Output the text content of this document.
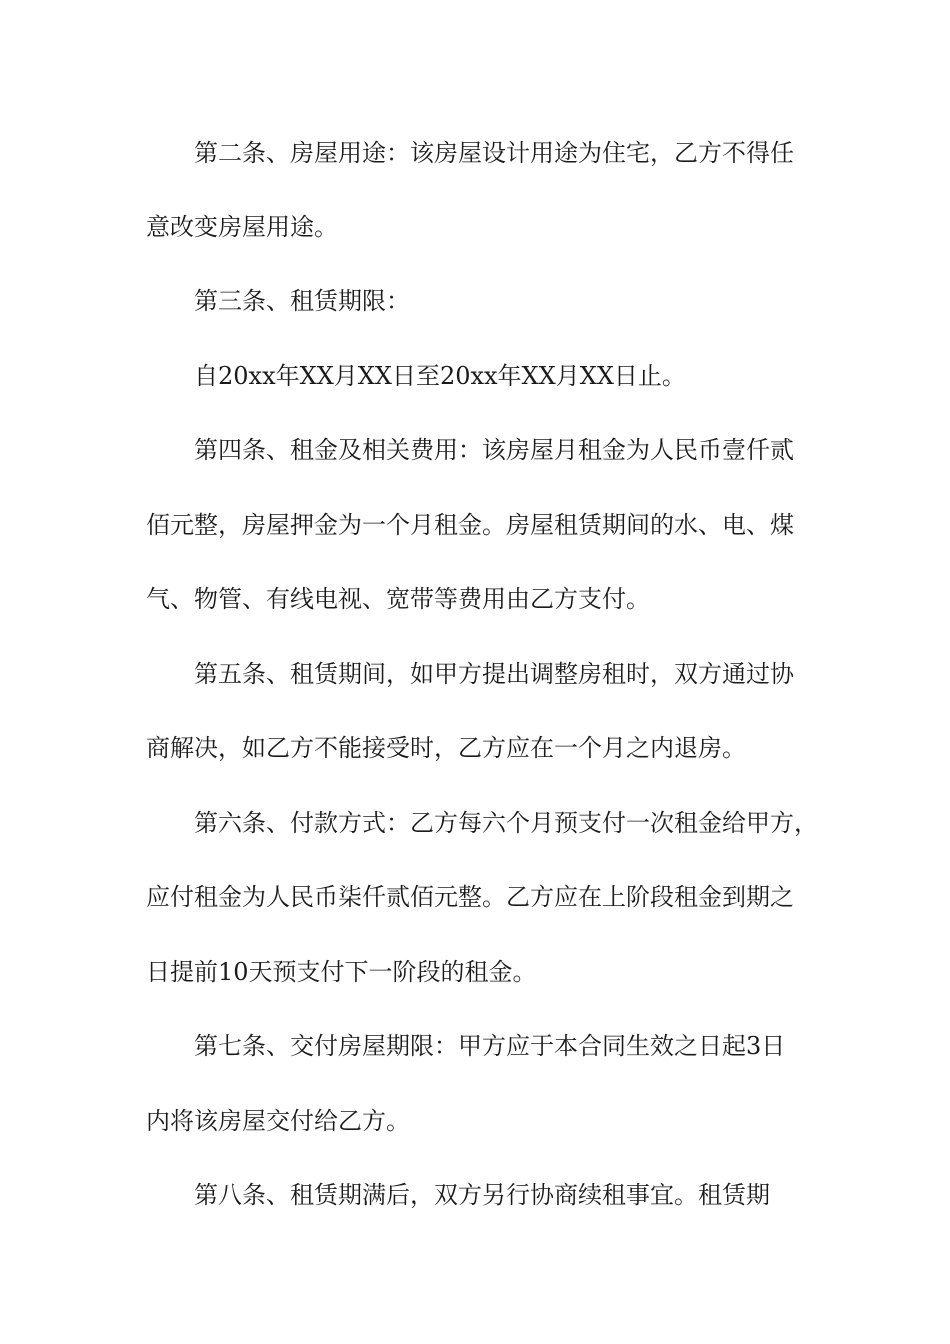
第二条、房屋用途：该房屋设计用途为住宅，乙方不得任
意改变房屋用途。
第三条、租赁期限：
自20xx年XX月XX日至20xx年XX月XX日止。
第四条、租金及相关费用：该房屋月租金为人民币壹仟贰
佰元整，房屋押金为一个月租金。房屋租赁期间的水、电、煤
气、物管、有线电视、宽带等费用由乙方支付。
第五条、租赁期间，如甲方提出调整房租时，双方通过协
商解决，如乙方不能接受时，乙方应在一个月之内退房。
第六条、付款方式：乙方每六个月预支付一次租金给甲方，
应付租金为人民币柒仟贰佰元整。乙方应在上阶段租金到期之
日提前10天预支付下一阶段的租金。
第七条、交付房屋期限：甲方应于本合同生效之日起3日
内将该房屋交付给乙方。
第八条、租赁期满后，双方另行协商续租事宜。租赁期
